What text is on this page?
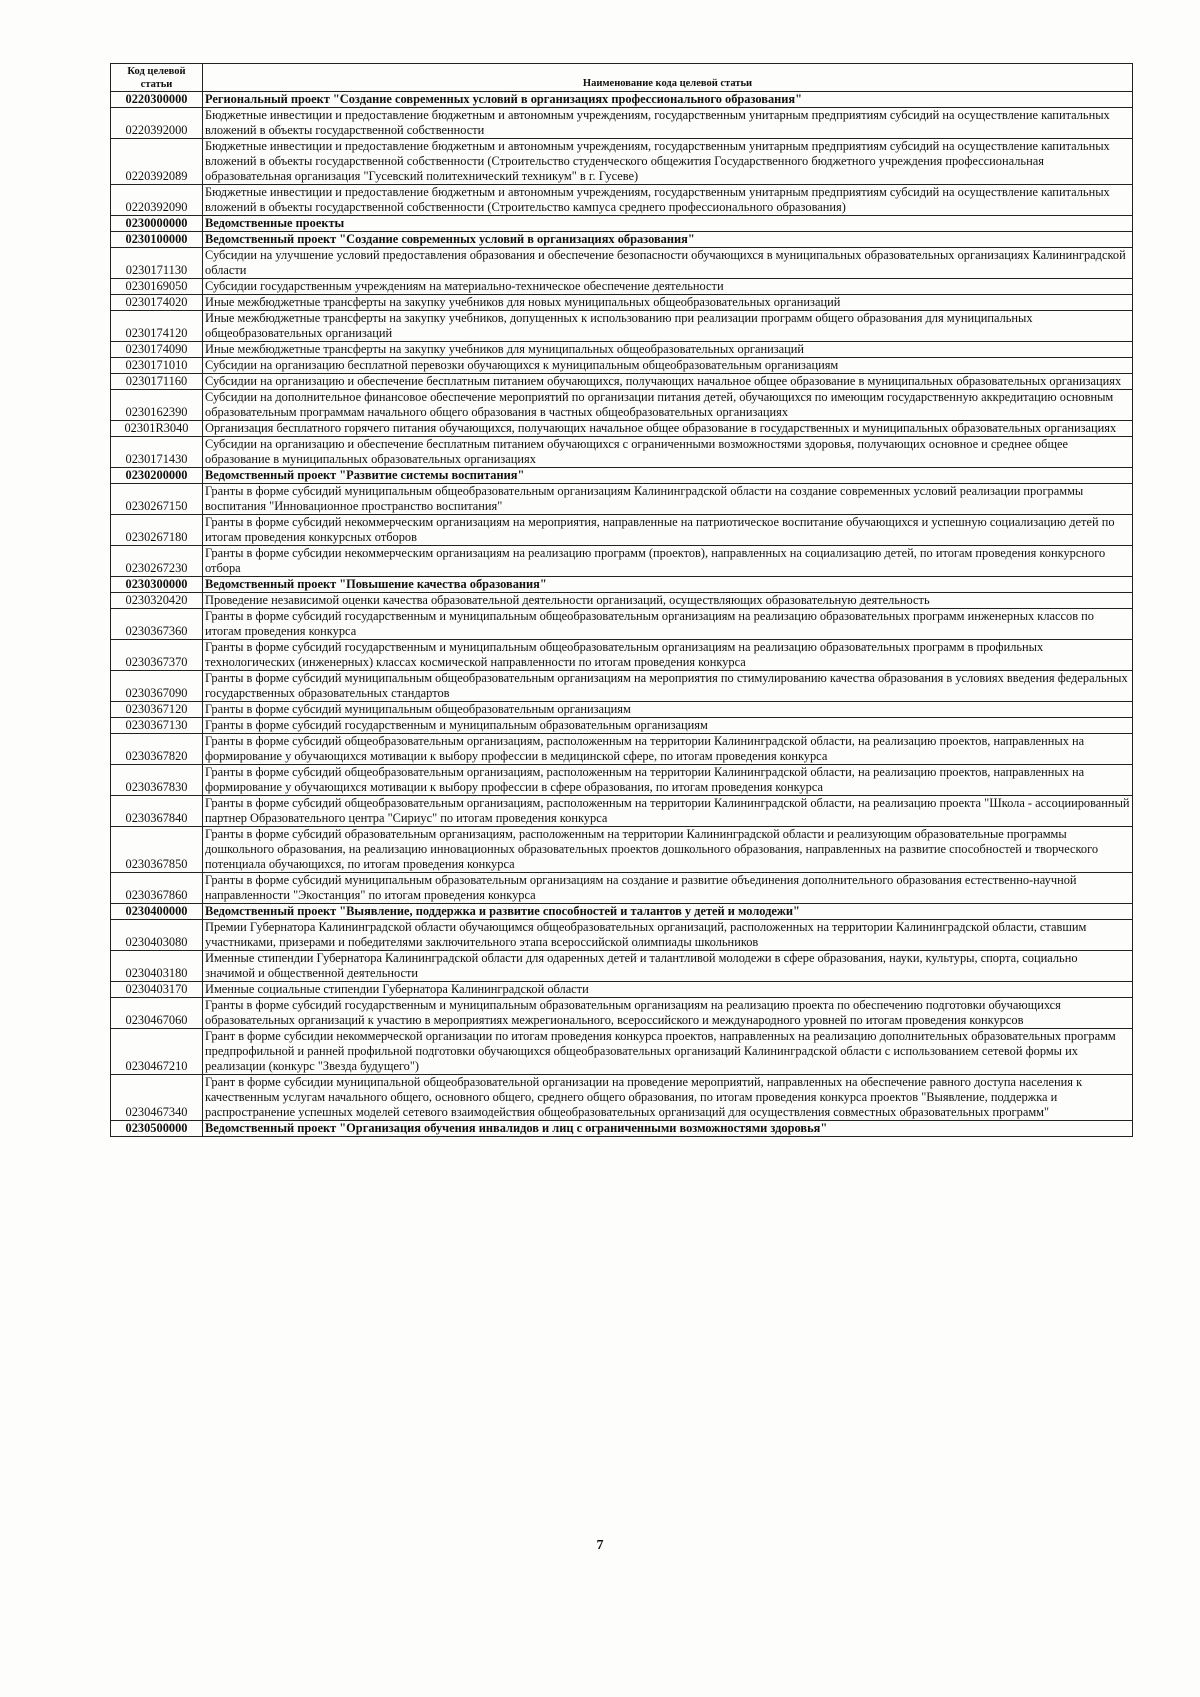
Код целевой статьи	Наименование кода целевой статьи
0220300000	Региональный проект "Создание современных условий в организациях профессионального образования"
0220392000	Бюджетные инвестиции и предоставление бюджетным и автономным учреждениям, государственным унитарным предприятиям субсидий на осуществление капитальных вложений в объекты государственной собственности
0220392089	Бюджетные инвестиции и предоставление бюджетным и автономным учреждениям, государственным унитарным предприятиям субсидий на осуществление капитальных вложений в объекты государственной собственности (Строительство студенческого общежития Государственного бюджетного учреждения профессиональная образовательная организация "Гусевский политехнический техникум" в г. Гусеве)
0220392090	Бюджетные инвестиции и предоставление бюджетным и автономным учреждениям, государственным унитарным предприятиям субсидий на осуществление капитальных вложений в объекты государственной собственности (Строительство кампуса среднего профессионального образования)
0230000000	Ведомственные проекты
0230100000	Ведомственный проект "Создание современных условий в организациях образования"
0230171130	Субсидии на улучшение условий предоставления образования и обеспечение безопасности обучающихся в муниципальных образовательных организациях Калининградской области
0230169050	Субсидии государственным учреждениям на материально-техническое обеспечение деятельности
0230174020	Иные межбюджетные трансферты на закупку учебников для новых муниципальных общеобразовательных организаций
0230174120	Иные межбюджетные трансферты на закупку учебников, допущенных к использованию при реализации программ общего образования для муниципальных общеобразовательных организаций
0230174090	Иные межбюджетные трансферты на закупку учебников для муниципальных общеобразовательных организаций
0230171010	Субсидии на организацию бесплатной перевозки обучающихся к муниципальным общеобразовательным организациям
0230171160	Субсидии на организацию и обеспечение бесплатным питанием обучающихся, получающих начальное общее образование в муниципальных образовательных организациях
0230162390	Субсидии на дополнительное финансовое обеспечение мероприятий по организации питания детей, обучающихся по имеющим государственную аккредитацию основным образовательным программам начального общего образования в частных общеобразовательных организациях
02301R3040	Организация бесплатного горячего питания обучающихся, получающих начальное общее образование в государственных и муниципальных образовательных организациях
0230171430	Субсидии на организацию и обеспечение бесплатным питанием обучающихся с ограниченными возможностями здоровья, получающих основное и среднее общее образование в муниципальных образовательных организациях
0230200000	Ведомственный проект "Развитие системы воспитания"
0230267150	Гранты в форме субсидий муниципальным общеобразовательным организациям Калининградской области на создание современных условий реализации программы воспитания "Инновационное пространство воспитания"
0230267180	Гранты в форме субсидий некоммерческим организациям на мероприятия, направленные на патриотическое воспитание обучающихся и успешную социализацию детей по итогам проведения конкурсных отборов
0230267230	Гранты в форме субсидии некоммерческим организациям на реализацию программ (проектов), направленных на социализацию детей, по итогам проведения конкурсного отбора
0230300000	Ведомственный проект "Повышение качества образования"
0230320420	Проведение независимой оценки качества образовательной деятельности организаций, осуществляющих образовательную деятельность
0230367360	Гранты в форме субсидий государственным и муниципальным общеобразовательным организациям на реализацию образовательных программ инженерных классов по итогам проведения конкурса
0230367370	Гранты в форме субсидий государственным и муниципальным общеобразовательным организациям на реализацию образовательных программ в профильных технологических (инженерных) классах космической направленности по итогам проведения конкурса
0230367090	Гранты в форме субсидий муниципальным общеобразовательным организациям на мероприятия по стимулированию качества образования в условиях введения федеральных государственных образовательных стандартов
0230367120	Гранты в форме субсидий муниципальным общеобразовательным организациям
0230367130	Гранты в форме субсидий государственным и муниципальным образовательным организациям
0230367820	Гранты в форме субсидий общеобразовательным организациям, расположенным на территории Калининградской области, на реализацию проектов, направленных на формирование у обучающихся мотивации к выбору профессии в медицинской сфере, по итогам проведения конкурса
0230367830	Гранты в форме субсидий общеобразовательным организациям, расположенным на территории Калининградской области, на реализацию проектов, направленных на формирование у обучающихся мотивации к выбору профессии в сфере образования, по итогам проведения конкурса
0230367840	Гранты в форме субсидий общеобразовательным организациям, расположенным на территории Калининградской области, на реализацию проекта "Школа - ассоциированный партнер Образовательного центра "Сириус" по итогам проведения конкурса
0230367850	Гранты в форме субсидий образовательным организациям, расположенным на территории Калининградской области и реализующим образовательные программы дошкольного образования, на реализацию инновационных образовательных проектов дошкольного образования, направленных на развитие способностей и творческого потенциала обучающихся, по итогам проведения конкурса
0230367860	Гранты в форме субсидий муниципальным образовательным организациям на создание и развитие объединения дополнительного образования естественно-научной направленности "Экостанция" по итогам проведения конкурса
0230400000	Ведомственный проект "Выявление, поддержка и развитие способностей и талантов у детей и молодежи"
0230403080	Премии Губернатора Калининградской области обучающимся общеобразовательных организаций, расположенных на территории Калининградской области, ставшим участниками, призерами и победителями заключительного этапа всероссийской олимпиады школьников
0230403180	Именные стипендии Губернатора Калининградской области для одаренных детей и талантливой молодежи в сфере образования, науки, культуры, спорта, социально значимой и общественной деятельности
0230403170	Именные социальные стипендии Губернатора Калининградской области
0230467060	Гранты в форме субсидий государственным и муниципальным образовательным организациям на реализацию проекта по обеспечению подготовки обучающихся образовательных организаций к участию в мероприятиях межрегионального, всероссийского и международного уровней по итогам проведения конкурсов
0230467210	Грант в форме субсидии некоммерческой организации по итогам проведения конкурса проектов, направленных на реализацию дополнительных образовательных программ предпрофильной и ранней профильной подготовки обучающихся общеобразовательных организаций Калининградской области с использованием сетевой формы их реализации (конкурс "Звезда будущего")
0230467340	Грант в форме субсидии муниципальной общеобразовательной организации на проведение мероприятий, направленных на обеспечение равного доступа населения к качественным услугам начального общего, основного общего, среднего общего образования, по итогам проведения конкурса проектов "Выявление, поддержка и распространение успешных моделей сетевого взаимодействия общеобразовательных организаций для осуществления совместных образовательных программ"
0230500000	Ведомственный проект "Организация обучения инвалидов и лиц с ограниченными возможностями здоровья"
7
